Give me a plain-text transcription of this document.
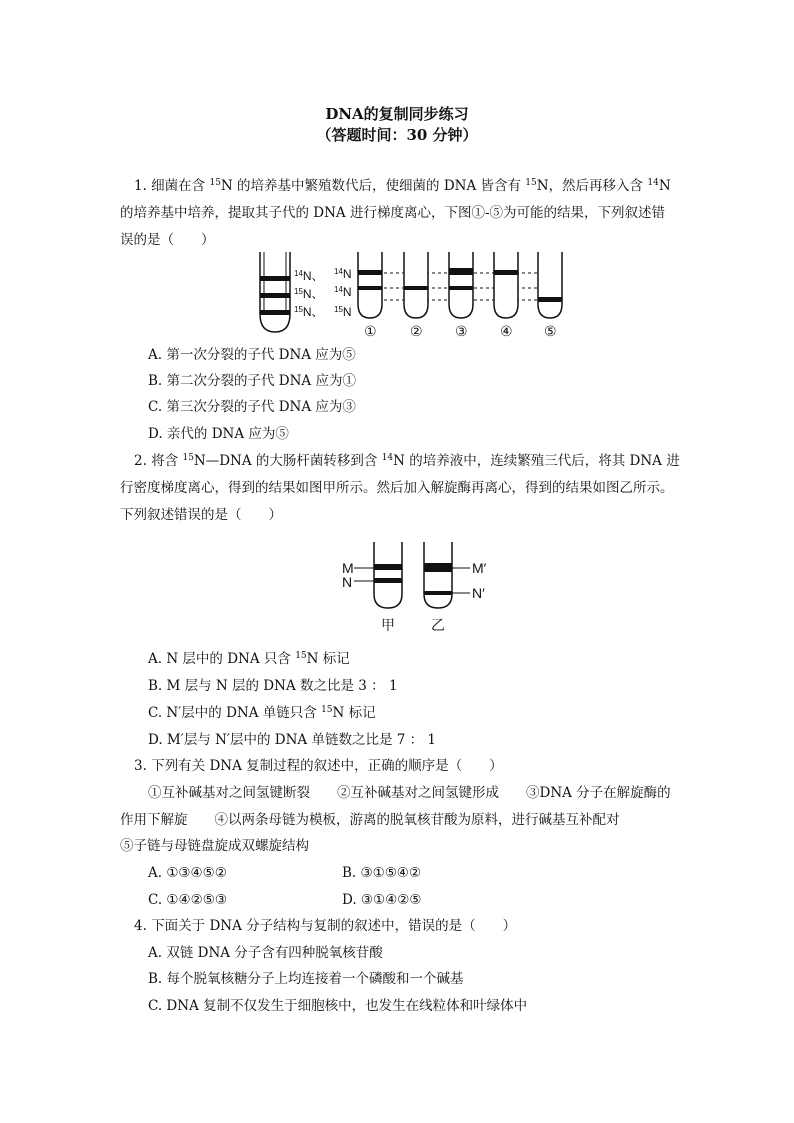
DNA的复制同步练习
（答题时间：30 分钟）
1. 细菌在含 $^{15}$N 的培养基中繁殖数代后，使细菌的 DNA 皆含有 $^{15}$N，然后再移入含 $^{14}$N
的培养基中培养，提取其子代的 DNA 进行梯度离心，下图①-⑤为可能的结果，下列叙述错
误的是（　　）
$^{14}$N、
$^{15}$N、
$^{15}$N、
$^{14}$N
$^{14}$N
$^{15}$N
① ② ③ ④ ⑤
A. 第一次分裂的子代 DNA 应为⑤
B. 第二次分裂的子代 DNA 应为①
C. 第三次分裂的子代 DNA 应为③
D. 亲代的 DNA 应为⑤
2. 将含 $^{15}$N—DNA 的大肠杆菌转移到含 $^{14}$N 的培养液中，连续繁殖三代后，将其 DNA 进
行密度梯度离心，得到的结果如图甲所示。然后加入解旋酶再离心，得到的结果如图乙所示。
下列叙述错误的是（　　）
M
N
M′
N′
甲	乙
A. N 层中的 DNA 只含 $^{15}$N 标记
B. M 层与 N 层的 DNA 数之比是 3 ： 1
C. N′层中的 DNA 单链只含 $^{15}$N 标记
D. M′层与 N′层中的 DNA 单链数之比是 7 ： 1
3. 下列有关 DNA 复制过程的叙述中，正确的顺序是（　　）
①互补碱基对之间氢键断裂　　②互补碱基对之间氢键形成　　③DNA 分子在解旋酶的
作用下解旋　　④以两条母链为模板，游离的脱氧核苷酸为原料，进行碱基互补配对
⑤子链与母链盘旋成双螺旋结构
A. ①③④⑤②	B. ③①⑤④②
C. ①④②⑤③	D. ③①④②⑤
4. 下面关于 DNA 分子结构与复制的叙述中，错误的是（　　）
A. 双链 DNA 分子含有四种脱氧核苷酸
B. 每个脱氧核糖分子上均连接着一个磷酸和一个碱基
C. DNA 复制不仅发生于细胞核中，也发生在线粒体和叶绿体中
